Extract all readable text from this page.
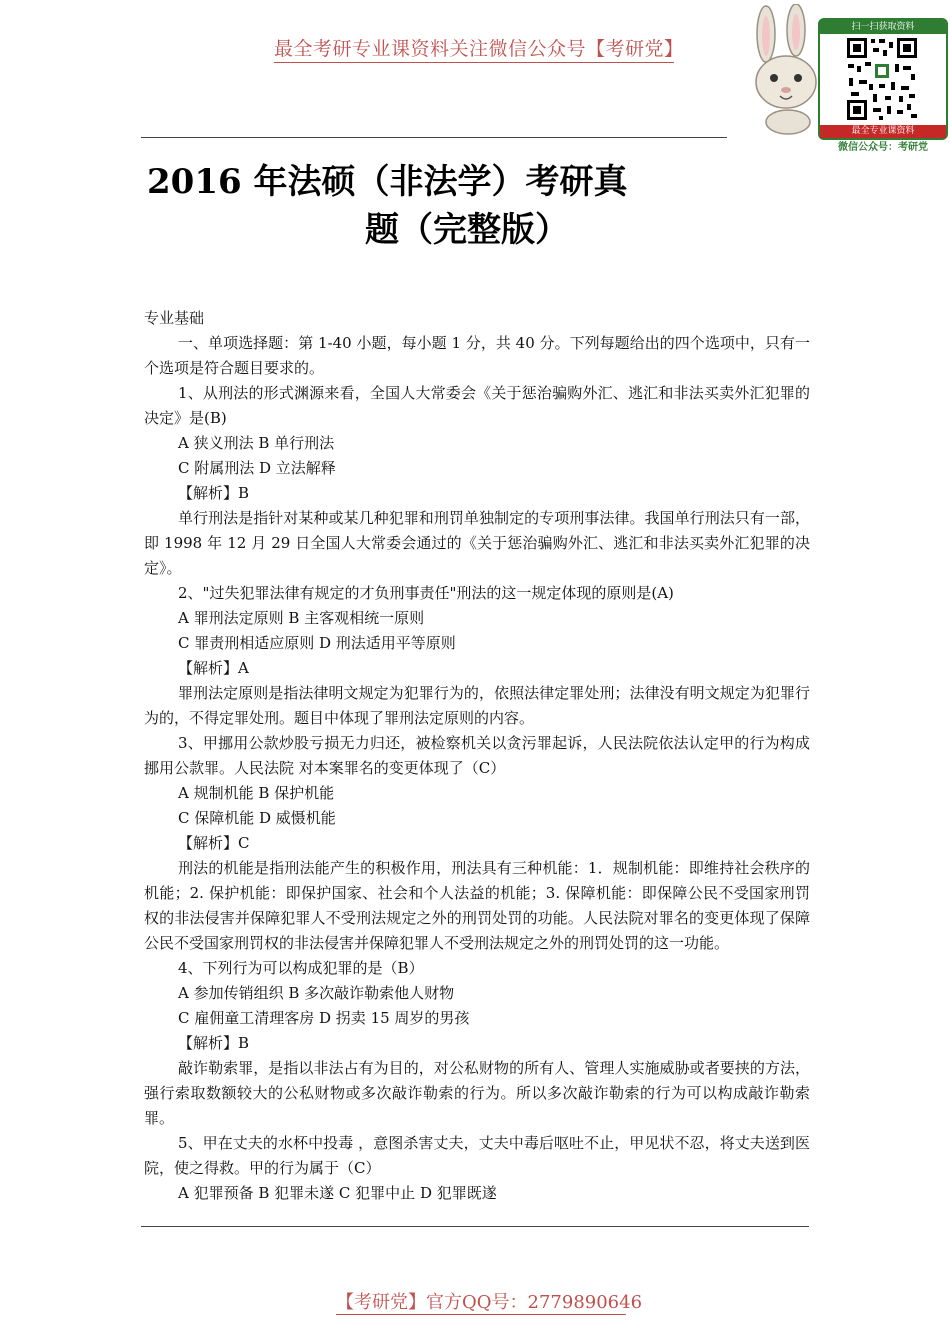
最全考研专业课资料关注微信公众号【考研党】
扫一扫获取资料
最全专业课资料
微信公众号：考研党
2016 年法硕（非法学）考研真
题（完整版）

专业基础

一、单项选择题：第 1-40 小题，每小题 1 分，共 40 分。下列每题给出的四个选项中，只有一个选项是符合题目要求的。

1、从刑法的形式渊源来看，全国人大常委会《关于惩治骗购外汇、逃汇和非法买卖外汇犯罪的决定》是(B)

A 狭义刑法 B 单行刑法

C 附属刑法 D 立法解释

【解析】B

单行刑法是指针对某种或某几种犯罪和刑罚单独制定的专项刑事法律。我国单行刑法只有一部，即 1998 年 12 月 29 日全国人大常委会通过的《关于惩治骗购外汇、逃汇和非法买卖外汇犯罪的决定》。

2、"过失犯罪法律有规定的才负刑事责任"刑法的这一规定体现的原则是(A)

A 罪刑法定原则 B 主客观相统一原则

C 罪责刑相适应原则 D 刑法适用平等原则

【解析】A

罪刑法定原则是指法律明文规定为犯罪行为的，依照法律定罪处刑；法律没有明文规定为犯罪行为的，不得定罪处刑。题目中体现了罪刑法定原则的内容。

3、甲挪用公款炒股亏损无力归还，被检察机关以贪污罪起诉，人民法院依法认定甲的行为构成挪用公款罪。人民法院 对本案罪名的变更体现了（C）

A 规制机能 B 保护机能

C 保障机能 D 威慑机能

【解析】C

刑法的机能是指刑法能产生的积极作用，刑法具有三种机能：1．规制机能：即维持社会秩序的机能；2. 保护机能：即保护国家、社会和个人法益的机能；3. 保障机能：即保障公民不受国家刑罚权的非法侵害并保障犯罪人不受刑法规定之外的刑罚处罚的功能。人民法院对罪名的变更体现了保障公民不受国家刑罚权的非法侵害并保障犯罪人不受刑法规定之外的刑罚处罚的这一功能。

4、下列行为可以构成犯罪的是（B）

A 参加传销组织 B 多次敲诈勒索他人财物

C 雇佣童工清理客房 D 拐卖 15 周岁的男孩

【解析】B

敲诈勒索罪，是指以非法占有为目的，对公私财物的所有人、管理人实施威胁或者要挟的方法，强行索取数额较大的公私财物或多次敲诈勒索的行为。所以多次敲诈勒索的行为可以构成敲诈勒索罪。

5、甲在丈夫的水杯中投毒 ，意图杀害丈夫，丈夫中毒后呕吐不止，甲见状不忍，将丈夫送到医院，使之得救。甲的行为属于（C）

A 犯罪预备 B 犯罪未遂 C 犯罪中止 D 犯罪既遂

【考研党】官方QQ号：2779890646
